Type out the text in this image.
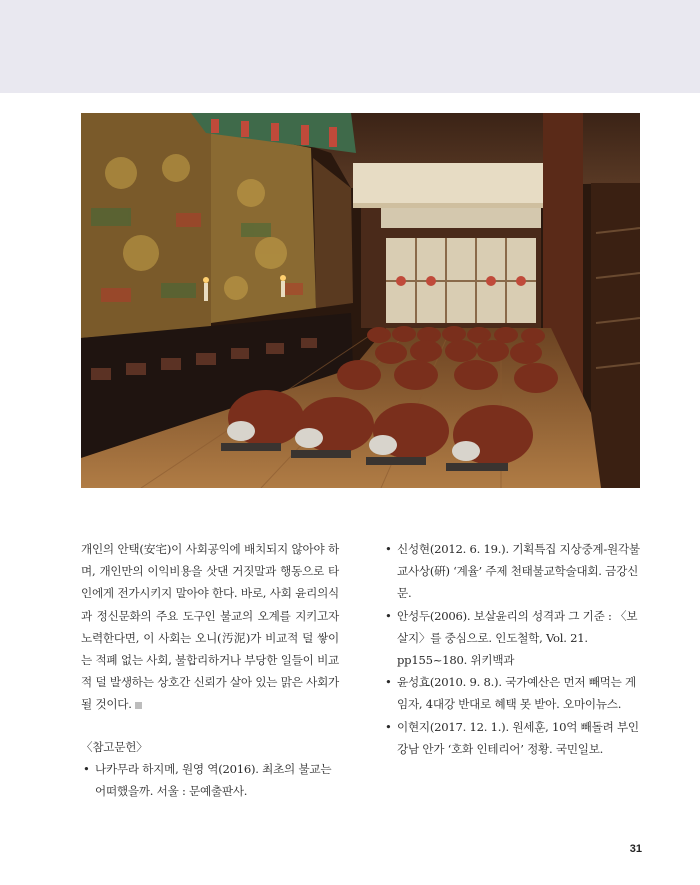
개인의 안택(安宅)이 사회공익에 배치되지 않아야 하며, 개인만의 이익비용을 삿댄 거짓말과 행동으로 타인에게 전가시키지 말아야 한다. 바로, 사회 윤리의식과 정신문화의 주요 도구인 불교의 오계를 지키고자 노력한다면, 이 사회는 오니(汚泥)가 비교적 덜 쌓이는 적폐 없는 사회, 불합리하거나 부당한 일들이 비교적 덜 발생하는 상호간 신뢰가 살아 있는 맑은 사회가 될 것이다.

〈참고문헌〉

• 나카무라 하지메, 원영 역(2016). 최초의 불교는 어떠했을까. 서울 : 문예출판사.
• 신성현(2012. 6. 19.). 기획특집 지상중계-원각불교사상(硏) ‘계율’ 주제 천태불교학술대회. 금강신문.
• 안성두(2006). 보살윤리의 성격과 그 기준 : 〈보살지〉를 중심으로. 인도철학, Vol. 21. pp155~180. 위키백과
• 윤성효(2010. 9. 8.). 국가예산은 먼저 빼먹는 게 임자, 4대강 반대로 혜택 못 받아. 오마이뉴스.
• 이현지(2017. 12. 1.). 원세훈, 10억 빼돌려 부인 강남 안가 ‘호화 인테리어’ 정황. 국민일보.
31
